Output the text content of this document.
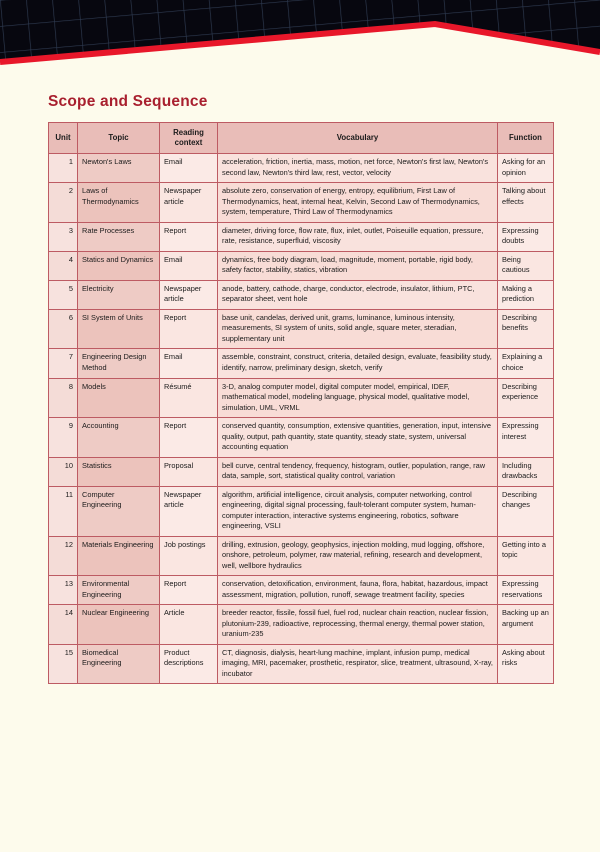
Scope and Sequence
Unit	Topic	Reading context	Vocabulary	Function
1	Newton's Laws	Email	acceleration, friction, inertia, mass, motion, net force, Newton's first law, Newton's second law, Newton's third law, rest, vector, velocity	Asking for an opinion
2	Laws of Thermodynamics	Newspaper article	absolute zero, conservation of energy, entropy, equilibrium, First Law of Thermodynamics, heat, internal heat, Kelvin, Second Law of Thermodynamics, system, temperature, Third Law of Thermodynamics	Talking about effects
3	Rate Processes	Report	diameter, driving force, flow rate, flux, inlet, outlet, Poiseuille equation, pressure, rate, resistance, superfluid, viscosity	Expressing doubts
4	Statics and Dynamics	Email	dynamics, free body diagram, load, magnitude, moment, portable, rigid body, safety factor, stability, statics, vibration	Being cautious
5	Electricity	Newspaper article	anode, battery, cathode, charge, conductor, electrode, insulator, lithium, PTC, separator sheet, vent hole	Making a prediction
6	SI System of Units	Report	base unit, candelas, derived unit, grams, luminance, luminous intensity, measurements, SI system of units, solid angle, square meter, steradian, supplementary unit	Describing benefits
7	Engineering Design Method	Email	assemble, constraint, construct, criteria, detailed design, evaluate, feasibility study, identify, narrow, preliminary design, sketch, verify	Explaining a choice
8	Models	Résumé	3-D, analog computer model, digital computer model, empirical, IDEF, mathematical model, modeling language, physical model, qualitative model, simulation, UML, VRML	Describing experience
9	Accounting	Report	conserved quantity, consumption, extensive quantities, generation, input, intensive quality, output, path quantity, state quantity, steady state, system, universal accounting equation	Expressing interest
10	Statistics	Proposal	bell curve, central tendency, frequency, histogram, outlier, population, range, raw data, sample, sort, statistical quality control, variation	Including drawbacks
11	Computer Engineering	Newspaper article	algorithm, artificial intelligence, circuit analysis, computer networking, control engineering, digital signal processing, fault-tolerant computer system, human-computer interaction, interactive systems engineering, robotics, software engineering, VSLI	Describing changes
12	Materials Engineering	Job postings	drilling, extrusion, geology, geophysics, injection molding, mud logging, offshore, onshore, petroleum, polymer, raw material, refining, research and development, well, wellbore hydraulics	Getting into a topic
13	Environmental Engineering	Report	conservation, detoxification, environment, fauna, flora, habitat, hazardous, impact assessment, migration, pollution, runoff, sewage treatment facility, species	Expressing reservations
14	Nuclear Engineering	Article	breeder reactor, fissile, fossil fuel, fuel rod, nuclear chain reaction, nuclear fission, plutonium-239, radioactive, reprocessing, thermal energy, thermal power station, uranium-235	Backing up an argument
15	Biomedical Engineering	Product descriptions	CT, diagnosis, dialysis, heart-lung machine, implant, infusion pump, medical imaging, MRI, pacemaker, prosthetic, respirator, slice, treatment, ultrasound, X-ray, incubator	Asking about risks
